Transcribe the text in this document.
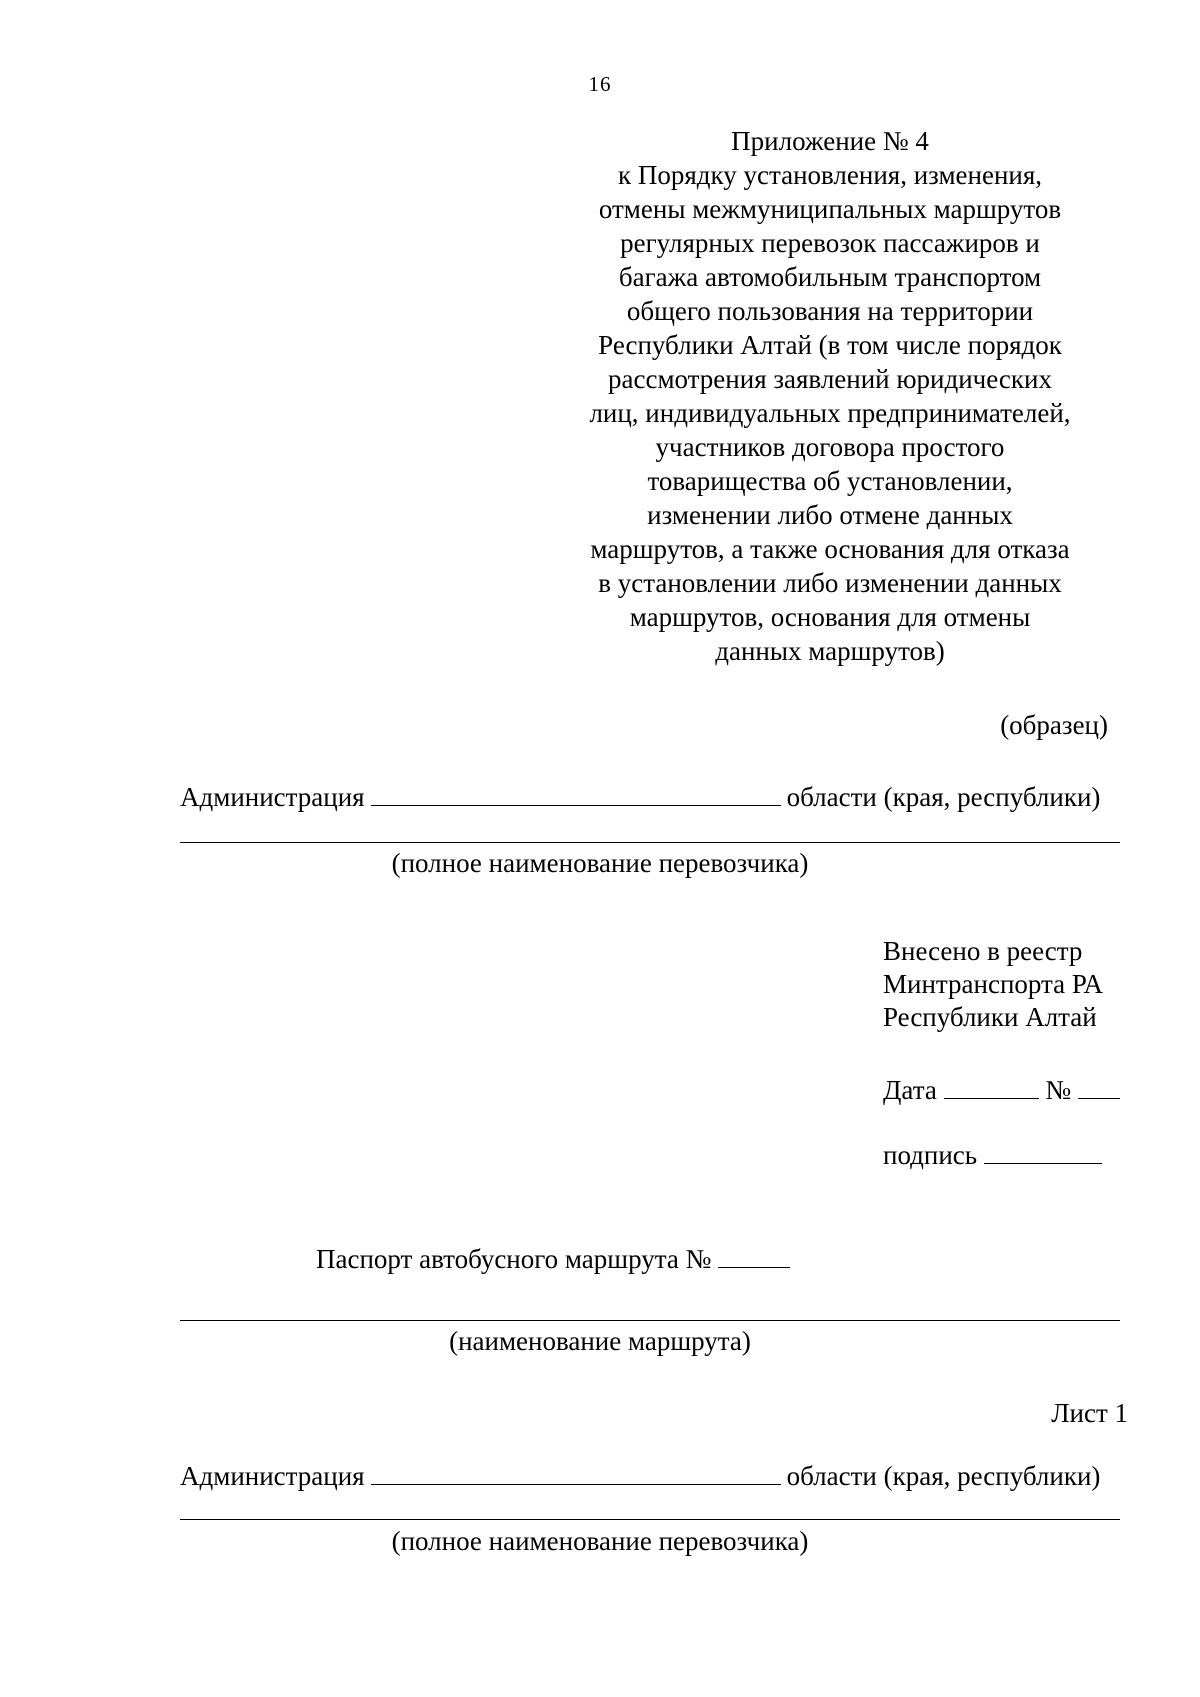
16
Приложение № 4
к Порядку установления, изменения,
отмены межмуниципальных маршрутов
регулярных перевозок пассажиров и
багажа автомобильным транспортом
общего пользования на территории
Республики Алтай (в том числе порядок
рассмотрения заявлений юридических
лиц, индивидуальных предпринимателей,
участников договора простого
товарищества об установлении,
изменении либо отмене данных
маршрутов, а также основания для отказа
в установлении либо изменении данных
маршрутов, основания для отмены
данных маршрутов)
(образец)
Администрация	области (края, республики)
(полное наименование перевозчика)
Внесено в реестр
Минтранспорта РА
Республики Алтай
Дата	№
подпись
Паспорт автобусного маршрута №
(наименование маршрута)
Лист 1
Администрация	области (края, республики)
(полное наименование перевозчика)
